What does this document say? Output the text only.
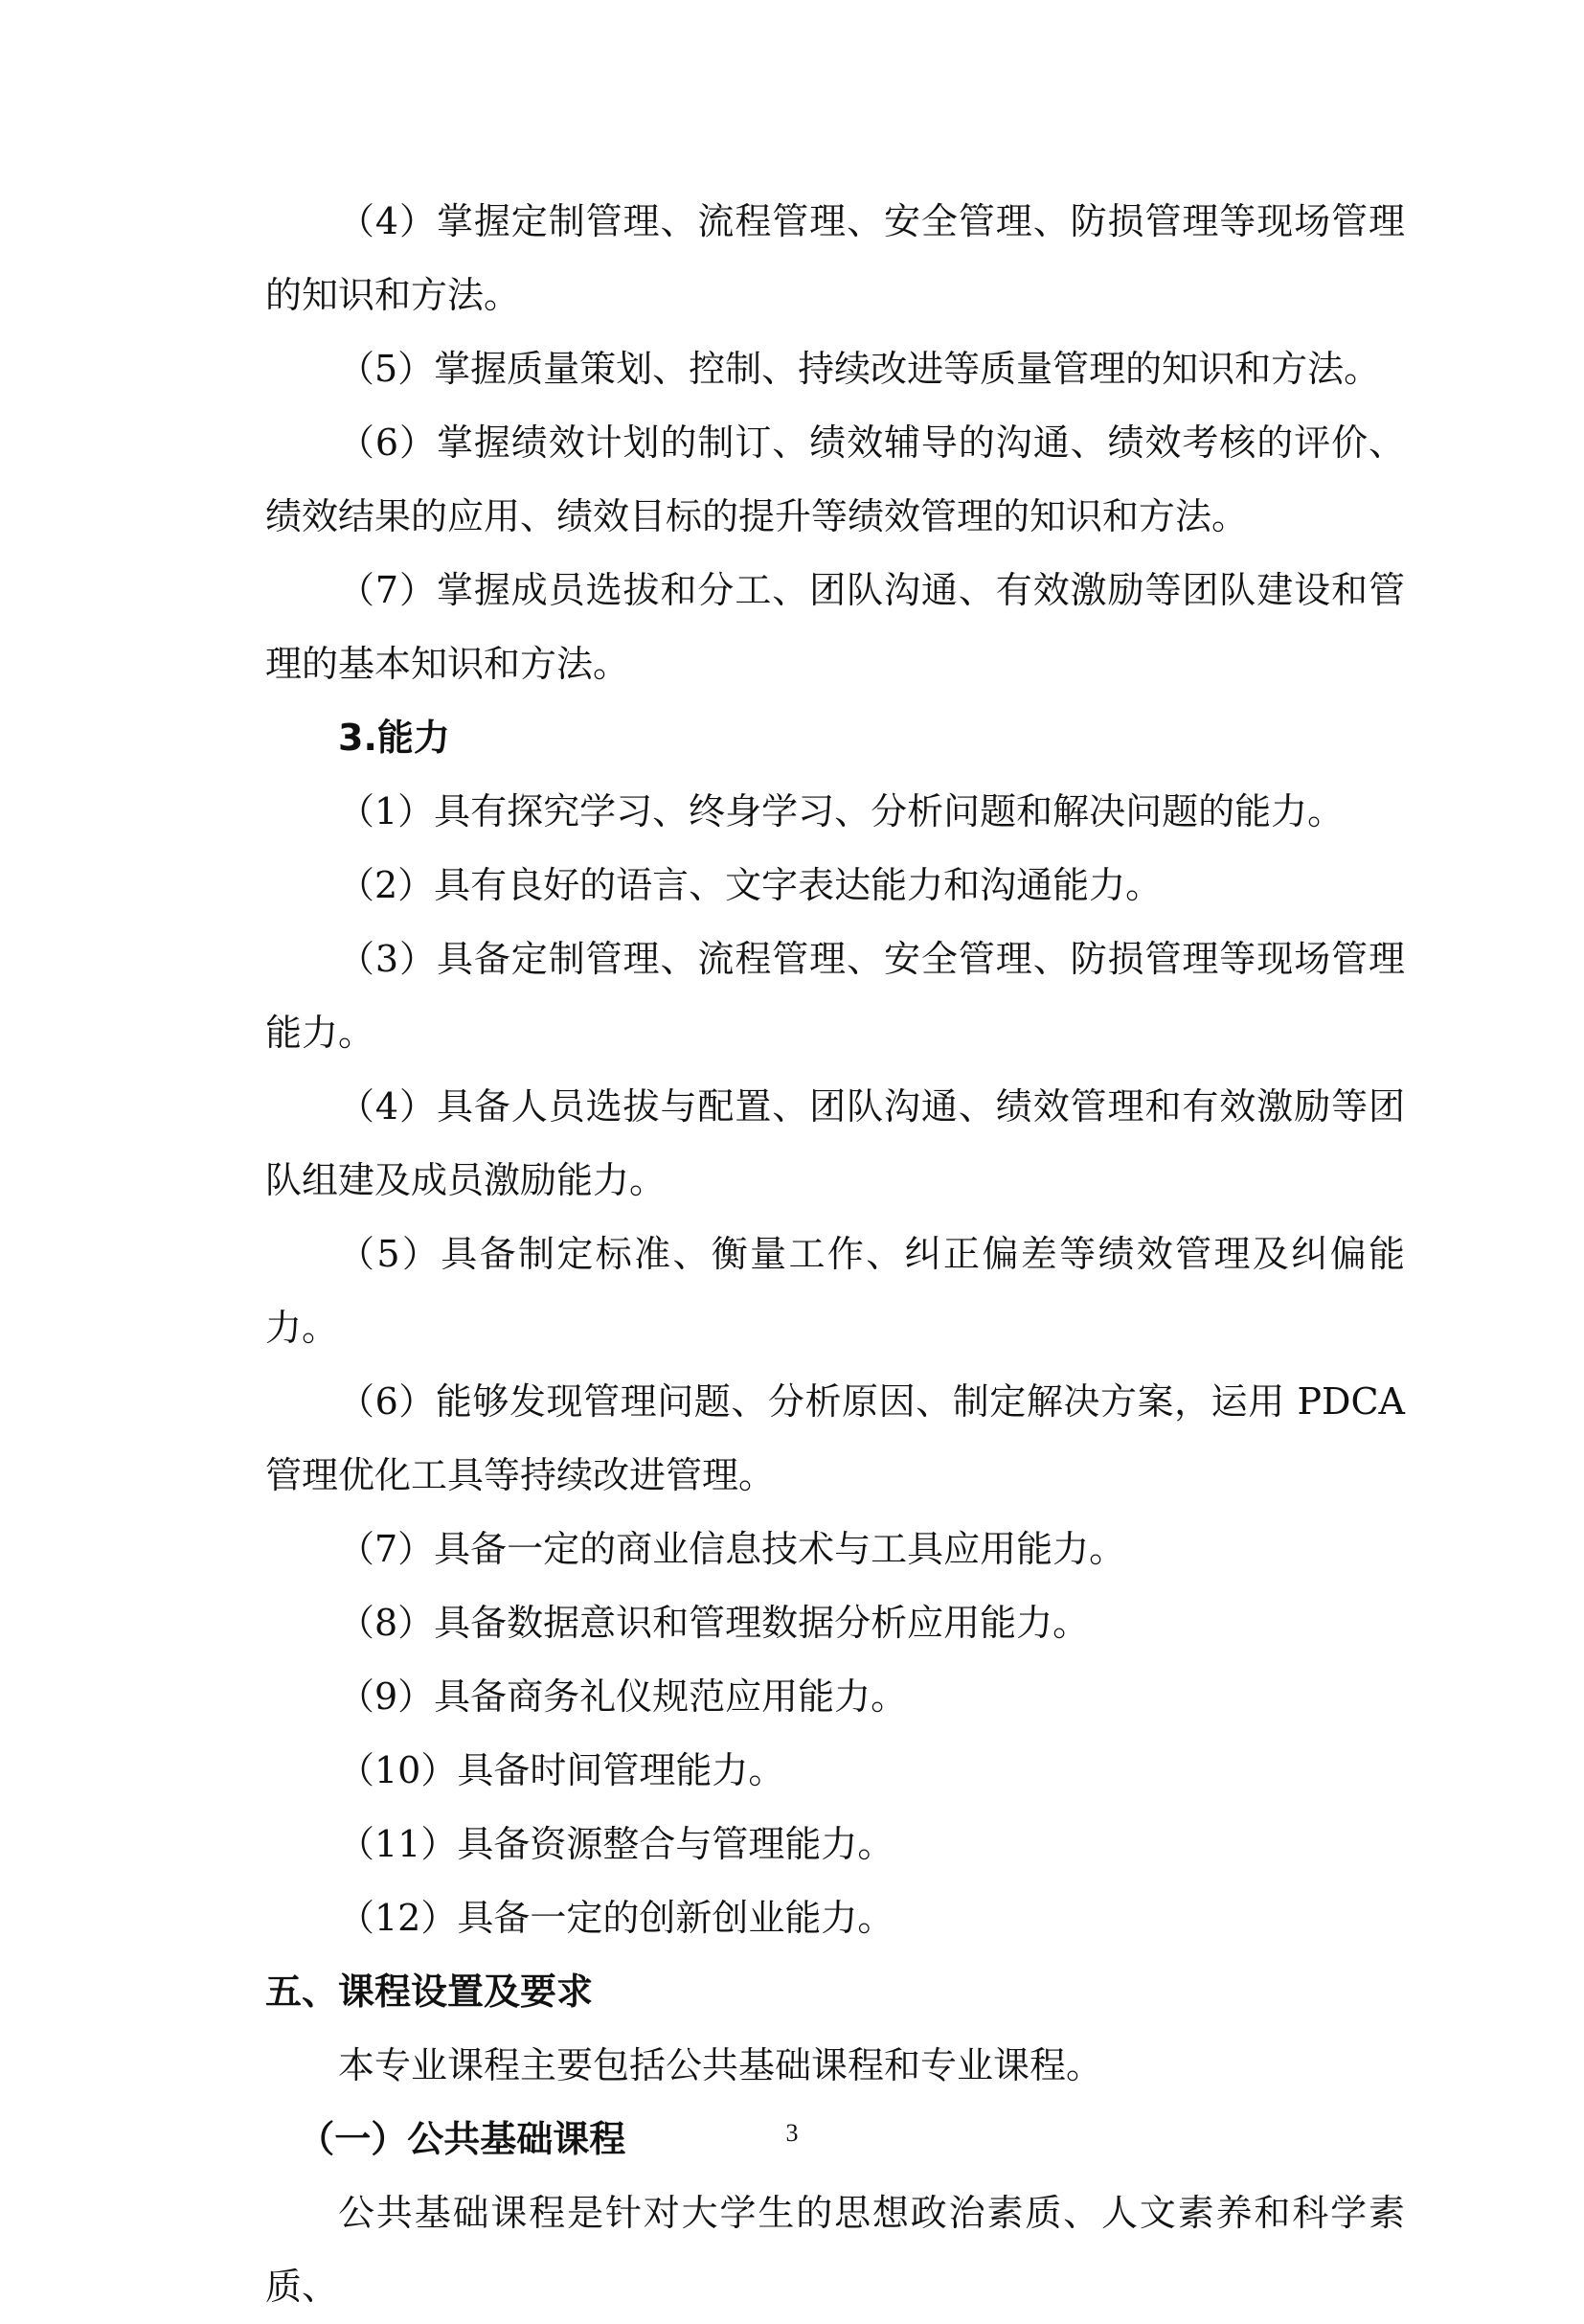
（4）掌握定制管理、流程管理、安全管理、防损管理等现场管理的知识和方法。

（5）掌握质量策划、控制、持续改进等质量管理的知识和方法。

（6）掌握绩效计划的制订、绩效辅导的沟通、绩效考核的评价、绩效结果的应用、绩效目标的提升等绩效管理的知识和方法。

（7）掌握成员选拔和分工、团队沟通、有效激励等团队建设和管理的基本知识和方法。

3.能力

（1）具有探究学习、终身学习、分析问题和解决问题的能力。

（2）具有良好的语言、文字表达能力和沟通能力。

（3）具备定制管理、流程管理、安全管理、防损管理等现场管理能力。

（4）具备人员选拔与配置、团队沟通、绩效管理和有效激励等团队组建及成员激励能力。

（5）具备制定标准、衡量工作、纠正偏差等绩效管理及纠偏能力。

（6）能够发现管理问题、分析原因、制定解决方案，运用 PDCA 管理优化工具等持续改进管理。

（7）具备一定的商业信息技术与工具应用能力。

（8）具备数据意识和管理数据分析应用能力。

（9）具备商务礼仪规范应用能力。

（10）具备时间管理能力。

（11）具备资源整合与管理能力。

（12）具备一定的创新创业能力。

五、课程设置及要求

本专业课程主要包括公共基础课程和专业课程。

（一）公共基础课程

公共基础课程是针对大学生的思想政治素质、人文素养和科学素质、

3
